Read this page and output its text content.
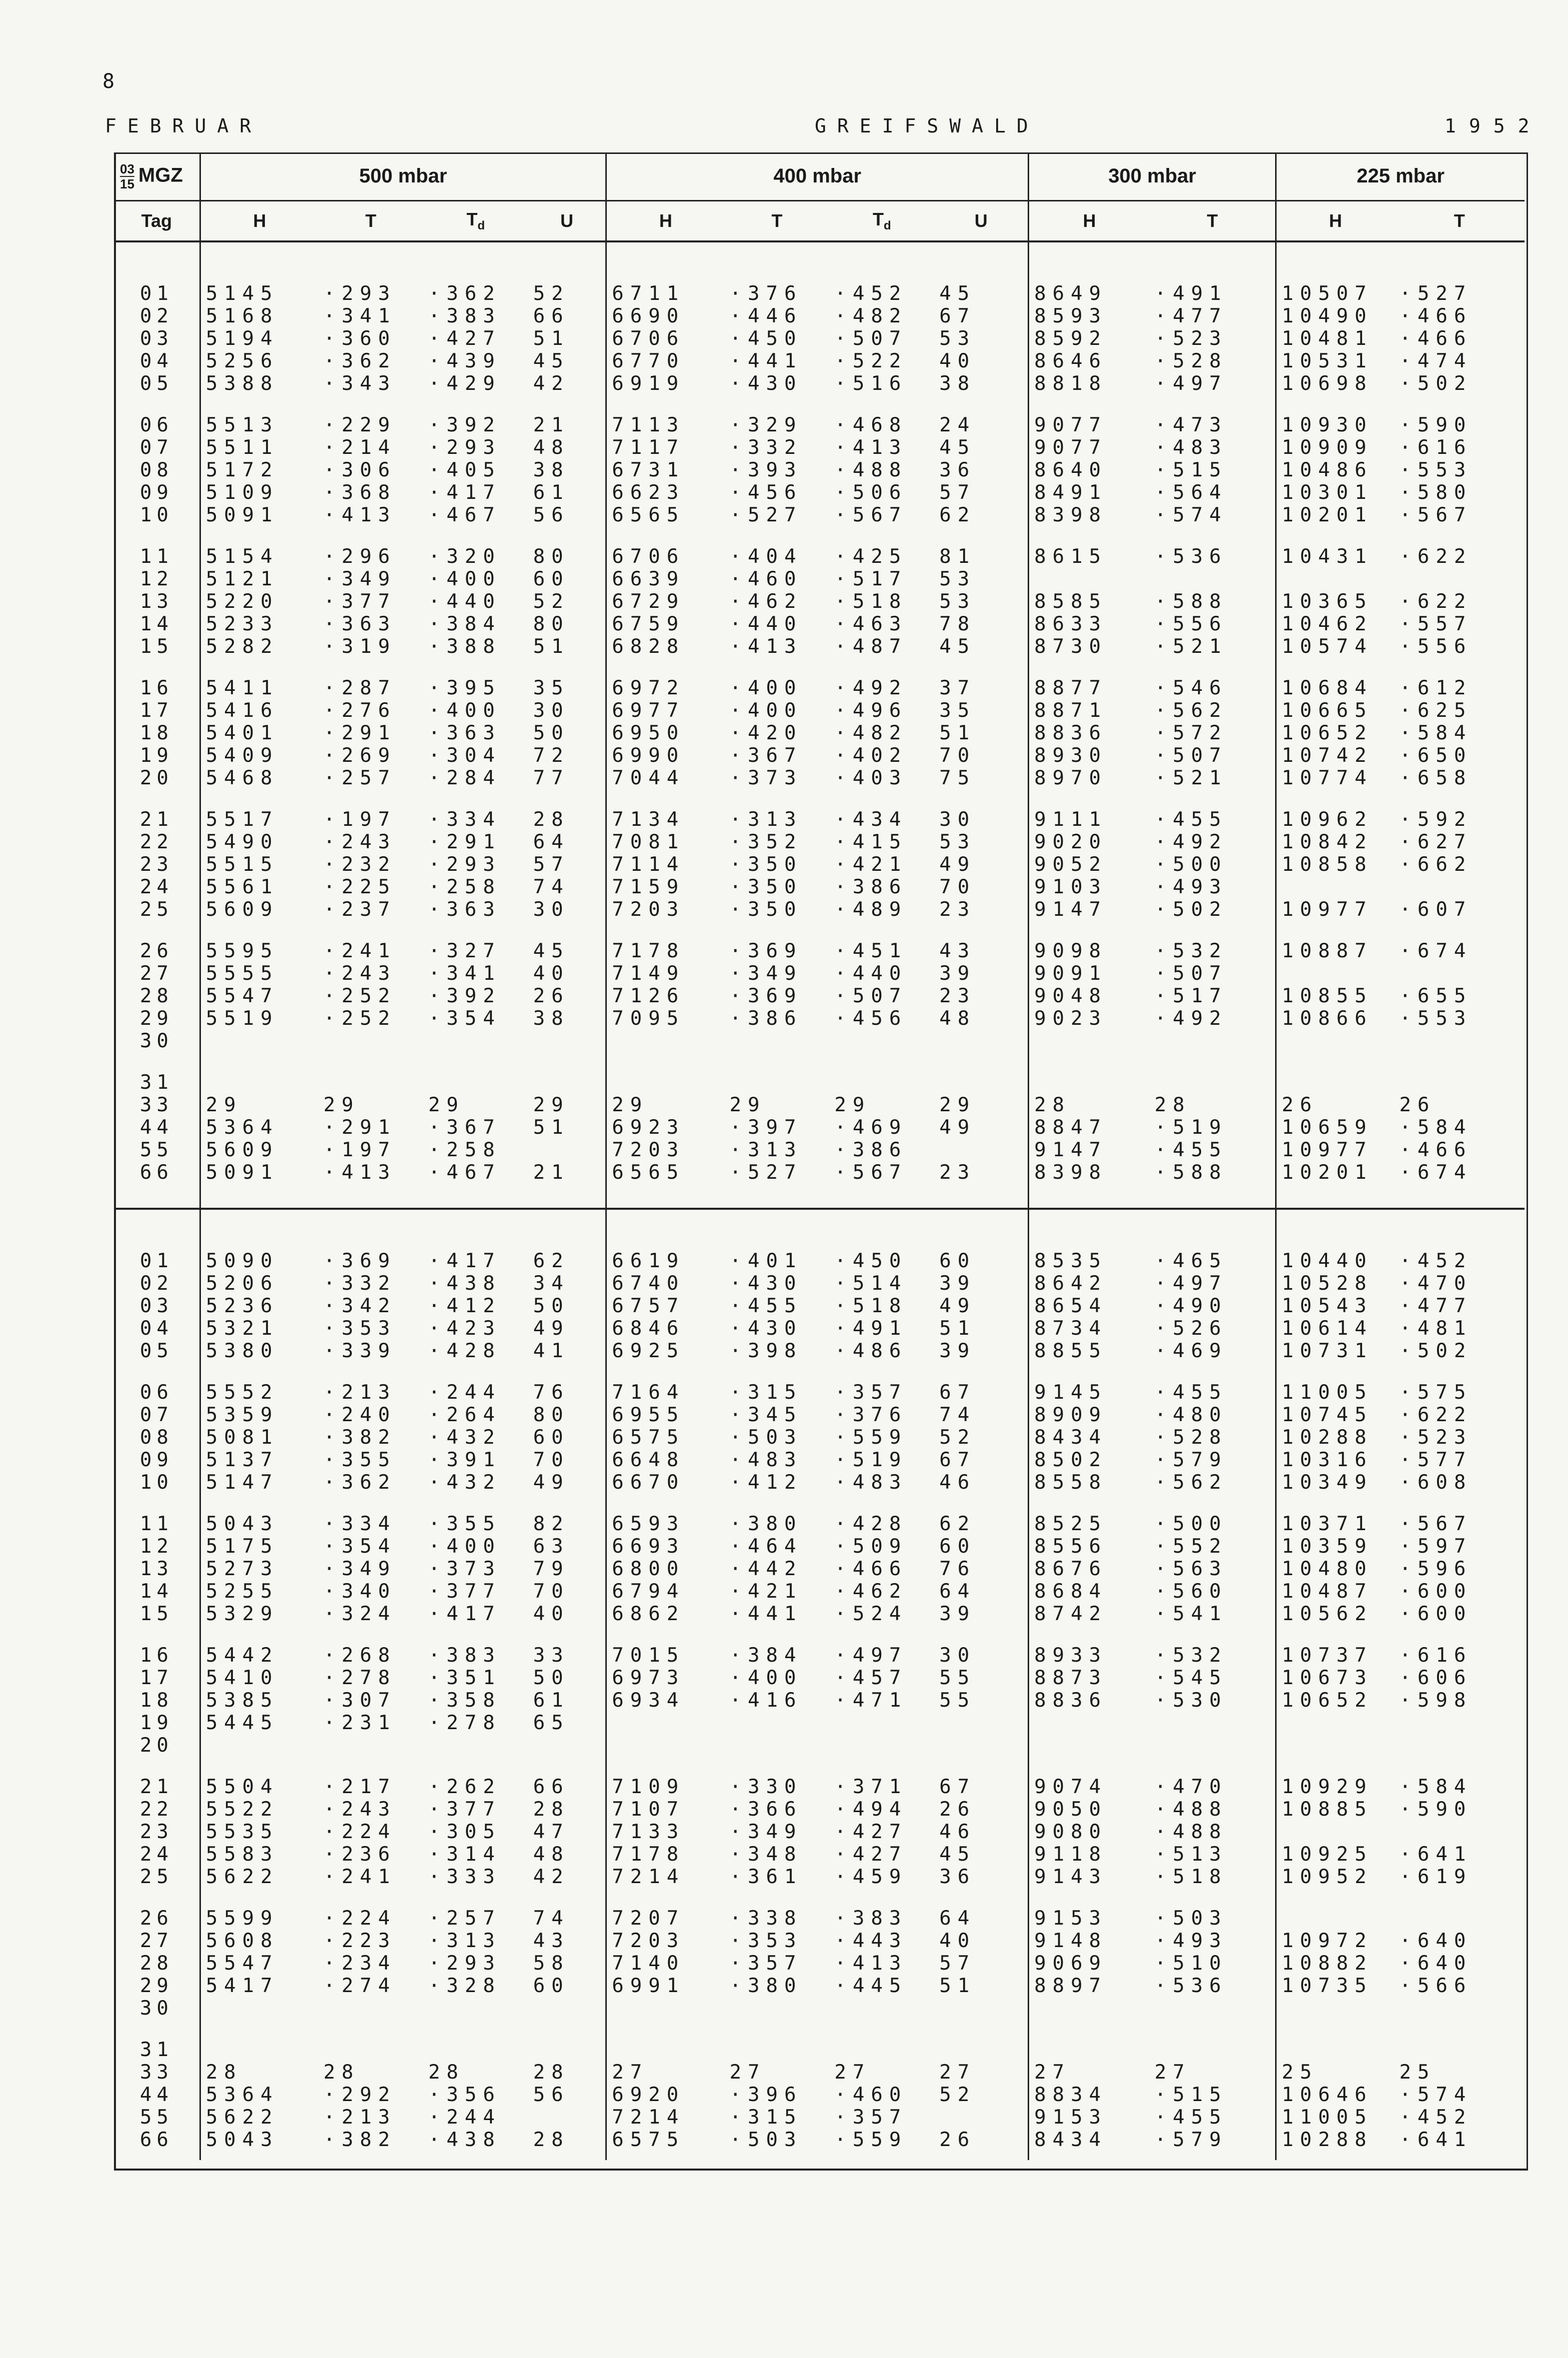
8
FEBRUAR	GREIFSWALD	1952
$\frac{03}{15}$ MGZ	500 mbar				400 mbar				300 mbar		225 mbar	
Tag	H	T	$T_d$	U	H	T	$T_d$	U	H	T	H	T

01	5145	·293	·362	52	6711	·376	·452	45	8649	·491	10507	·527
02	5168	·341	·383	66	6690	·446	·482	67	8593	·477	10490	·466
03	5194	·360	·427	51	6706	·450	·507	53	8592	·523	10481	·466
04	5256	·362	·439	45	6770	·441	·522	40	8646	·528	10531	·474
05	5388	·343	·429	42	6919	·430	·516	38	8818	·497	10698	·502

06	5513	·229	·392	21	7113	·329	·468	24	9077	·473	10930	·590
07	5511	·214	·293	48	7117	·332	·413	45	9077	·483	10909	·616
08	5172	·306	·405	38	6731	·393	·488	36	8640	·515	10486	·553
09	5109	·368	·417	61	6623	·456	·506	57	8491	·564	10301	·580
10	5091	·413	·467	56	6565	·527	·567	62	8398	·574	10201	·567

11	5154	·296	·320	80	6706	·404	·425	81	8615	·536	10431	·622
12	5121	·349	·400	60	6639	·460	·517	53				
13	5220	·377	·440	52	6729	·462	·518	53	8585	·588	10365	·622
14	5233	·363	·384	80	6759	·440	·463	78	8633	·556	10462	·557
15	5282	·319	·388	51	6828	·413	·487	45	8730	·521	10574	·556

16	5411	·287	·395	35	6972	·400	·492	37	8877	·546	10684	·612
17	5416	·276	·400	30	6977	·400	·496	35	8871	·562	10665	·625
18	5401	·291	·363	50	6950	·420	·482	51	8836	·572	10652	·584
19	5409	·269	·304	72	6990	·367	·402	70	8930	·507	10742	·650
20	5468	·257	·284	77	7044	·373	·403	75	8970	·521	10774	·658

21	5517	·197	·334	28	7134	·313	·434	30	9111	·455	10962	·592
22	5490	·243	·291	64	7081	·352	·415	53	9020	·492	10842	·627
23	5515	·232	·293	57	7114	·350	·421	49	9052	·500	10858	·662
24	5561	·225	·258	74	7159	·350	·386	70	9103	·493		
25	5609	·237	·363	30	7203	·350	·489	23	9147	·502	10977	·607

26	5595	·241	·327	45	7178	·369	·451	43	9098	·532	10887	·674
27	5555	·243	·341	40	7149	·349	·440	39	9091	·507		
28	5547	·252	·392	26	7126	·369	·507	23	9048	·517	10855	·655
29	5519	·252	·354	38	7095	·386	·456	48	9023	·492	10866	·553
30												

31												
33	29	29	29	29	29	29	29	29	28	28	26	26
44	5364	·291	·367	51	6923	·397	·469	49	8847	·519	10659	·584
55	5609	·197	·258		7203	·313	·386		9147	·455	10977	·466
66	5091	·413	·467	21	6565	·527	·567	23	8398	·588	10201	·674

01	5090	·369	·417	62	6619	·401	·450	60	8535	·465	10440	·452
02	5206	·332	·438	34	6740	·430	·514	39	8642	·497	10528	·470
03	5236	·342	·412	50	6757	·455	·518	49	8654	·490	10543	·477
04	5321	·353	·423	49	6846	·430	·491	51	8734	·526	10614	·481
05	5380	·339	·428	41	6925	·398	·486	39	8855	·469	10731	·502

06	5552	·213	·244	76	7164	·315	·357	67	9145	·455	11005	·575
07	5359	·240	·264	80	6955	·345	·376	74	8909	·480	10745	·622
08	5081	·382	·432	60	6575	·503	·559	52	8434	·528	10288	·523
09	5137	·355	·391	70	6648	·483	·519	67	8502	·579	10316	·577
10	5147	·362	·432	49	6670	·412	·483	46	8558	·562	10349	·608

11	5043	·334	·355	82	6593	·380	·428	62	8525	·500	10371	·567
12	5175	·354	·400	63	6693	·464	·509	60	8556	·552	10359	·597
13	5273	·349	·373	79	6800	·442	·466	76	8676	·563	10480	·596
14	5255	·340	·377	70	6794	·421	·462	64	8684	·560	10487	·600
15	5329	·324	·417	40	6862	·441	·524	39	8742	·541	10562	·600

16	5442	·268	·383	33	7015	·384	·497	30	8933	·532	10737	·616
17	5410	·278	·351	50	6973	·400	·457	55	8873	·545	10673	·606
18	5385	·307	·358	61	6934	·416	·471	55	8836	·530	10652	·598
19	5445	·231	·278	65								
20												

21	5504	·217	·262	66	7109	·330	·371	67	9074	·470	10929	·584
22	5522	·243	·377	28	7107	·366	·494	26	9050	·488	10885	·590
23	5535	·224	·305	47	7133	·349	·427	46	9080	·488		
24	5583	·236	·314	48	7178	·348	·427	45	9118	·513	10925	·641
25	5622	·241	·333	42	7214	·361	·459	36	9143	·518	10952	·619

26	5599	·224	·257	74	7207	·338	·383	64	9153	·503		
27	5608	·223	·313	43	7203	·353	·443	40	9148	·493	10972	·640
28	5547	·234	·293	58	7140	·357	·413	57	9069	·510	10882	·640
29	5417	·274	·328	60	6991	·380	·445	51	8897	·536	10735	·566
30												

31												
33	28	28	28	28	27	27	27	27	27	27	25	25
44	5364	·292	·356	56	6920	·396	·460	52	8834	·515	10646	·574
55	5622	·213	·244		7214	·315	·357		9153	·455	11005	·452
66	5043	·382	·438	28	6575	·503	·559	26	8434	·579	10288	·641
